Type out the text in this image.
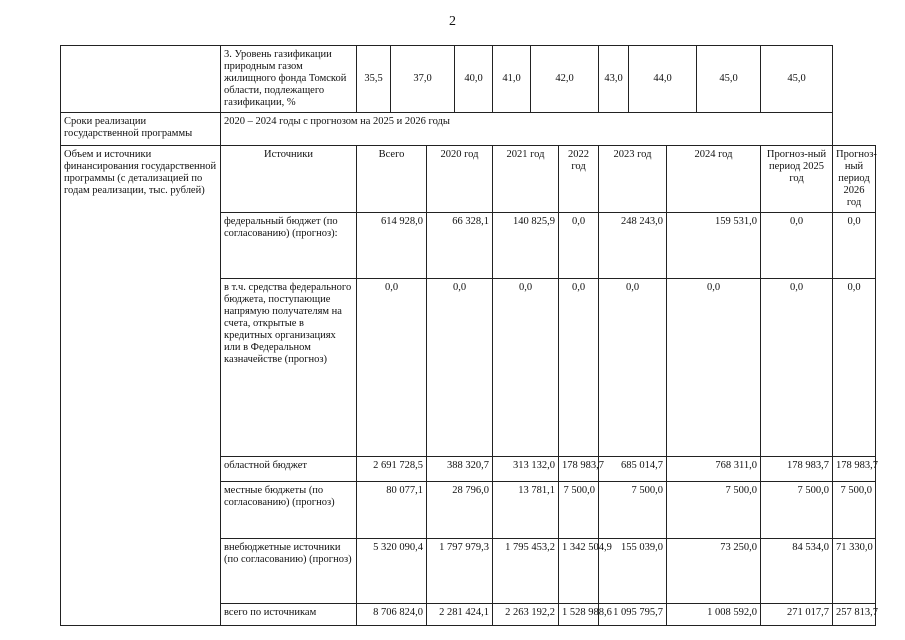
2
	3. Уровень газификации природным газом жилищного фонда Томской области, подлежащего газификации, %	35,5	37,0		40,0	41,0	42,0		43,0	44,0		45,0	45,0	
Сроки реализации государственной программы	2020 – 2024 годы с прогнозом на 2025 и 2026 годы													
Объем и источники финансирования государственной программы (с детализацией по годам реализации, тыс. рублей)	Источники	Всего		2020 год		2021 год		2022 год	2023 год		2024 год		Прогноз-ный период 2025 год	Прогноз-ный период 2026 год
	федеральный бюджет (по согласованию) (прогноз):	614 928,0		66 328,1		140 825,9		0,0	248 243,0		159 531,0		0,0	0,0
	в т.ч. средства федерального бюджета, поступающие напрямую получателям на счета, открытые в кредитных организациях или в Федеральном казначействе (прогноз)	0,0		0,0		0,0		0,0	0,0		0,0		0,0	0,0
	областной бюджет	2 691 728,5		388 320,7		313 132,0		178 983,7	685 014,7		768 311,0		178 983,7	178 983,7
	местные бюджеты (по согласованию) (прогноз)	80 077,1		28 796,0		13 781,1		7 500,0	7 500,0		7 500,0		7 500,0	7 500,0
	внебюджетные источники (по согласованию) (прогноз)	5 320 090,4		1 797 979,3		1 795 453,2		1 342 504,9	155 039,0		73 250,0		84 534,0	71 330,0
	всего по источникам	8 706 824,0		2 281 424,1		2 263 192,2		1 528 988,6	1 095 795,7		1 008 592,0		271 017,7	257 813,7
